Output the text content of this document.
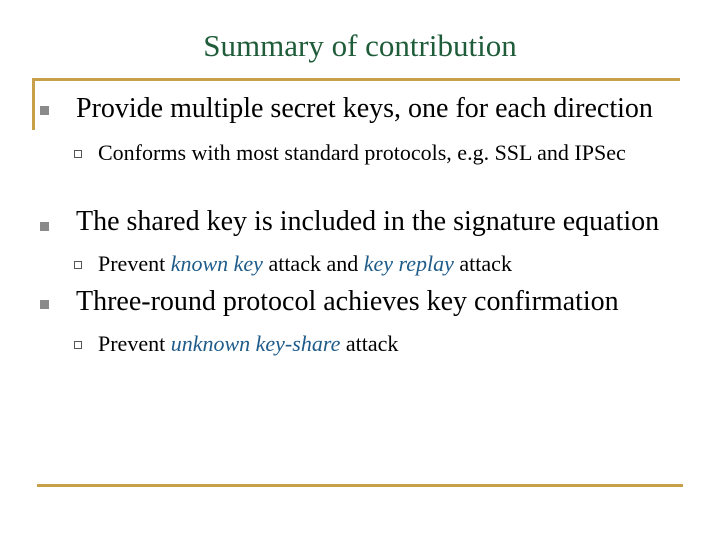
Summary of contribution
Provide multiple secret keys, one for each direction
Conforms with most standard protocols, e.g. SSL and IPSec
The shared key is included in the signature equation
Prevent known key attack and key replay attack
Three-round protocol achieves key confirmation
Prevent unknown key-share attack
